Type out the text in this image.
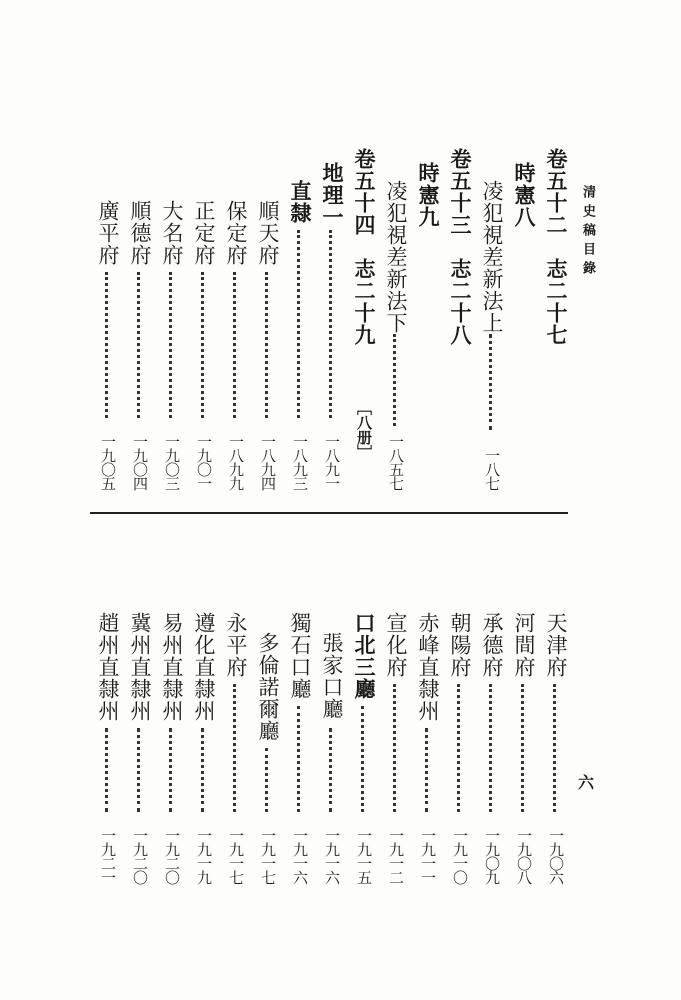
清史稿目錄
六
卷五十二　志二十七
時憲八
凌犯視差新法上
一八七
卷五十三　志二十八
時憲九
凌犯視差新法下
一八五七
卷五十四　志二十九
［八册］
地理一
一八九一
直隸
一八九三
順天府
一八九四
保定府
一八九九
正定府
一九〇一
大名府
一九〇三
順德府
一九〇四
廣平府
一九〇五
天津府
一九〇六
河間府
一九〇八
承德府
一九〇九
朝陽府
一九一〇
赤峰直隸州
一九一一
宣化府
一九一二
口北三廳
一九一五
張家口廳
一九一六
獨石口廳
一九一六
多倫諾爾廳
一九一七
永平府
一九一七
遵化直隸州
一九一九
易州直隸州
一九二〇
冀州直隸州
一九二〇
趙州直隸州
一九二一
